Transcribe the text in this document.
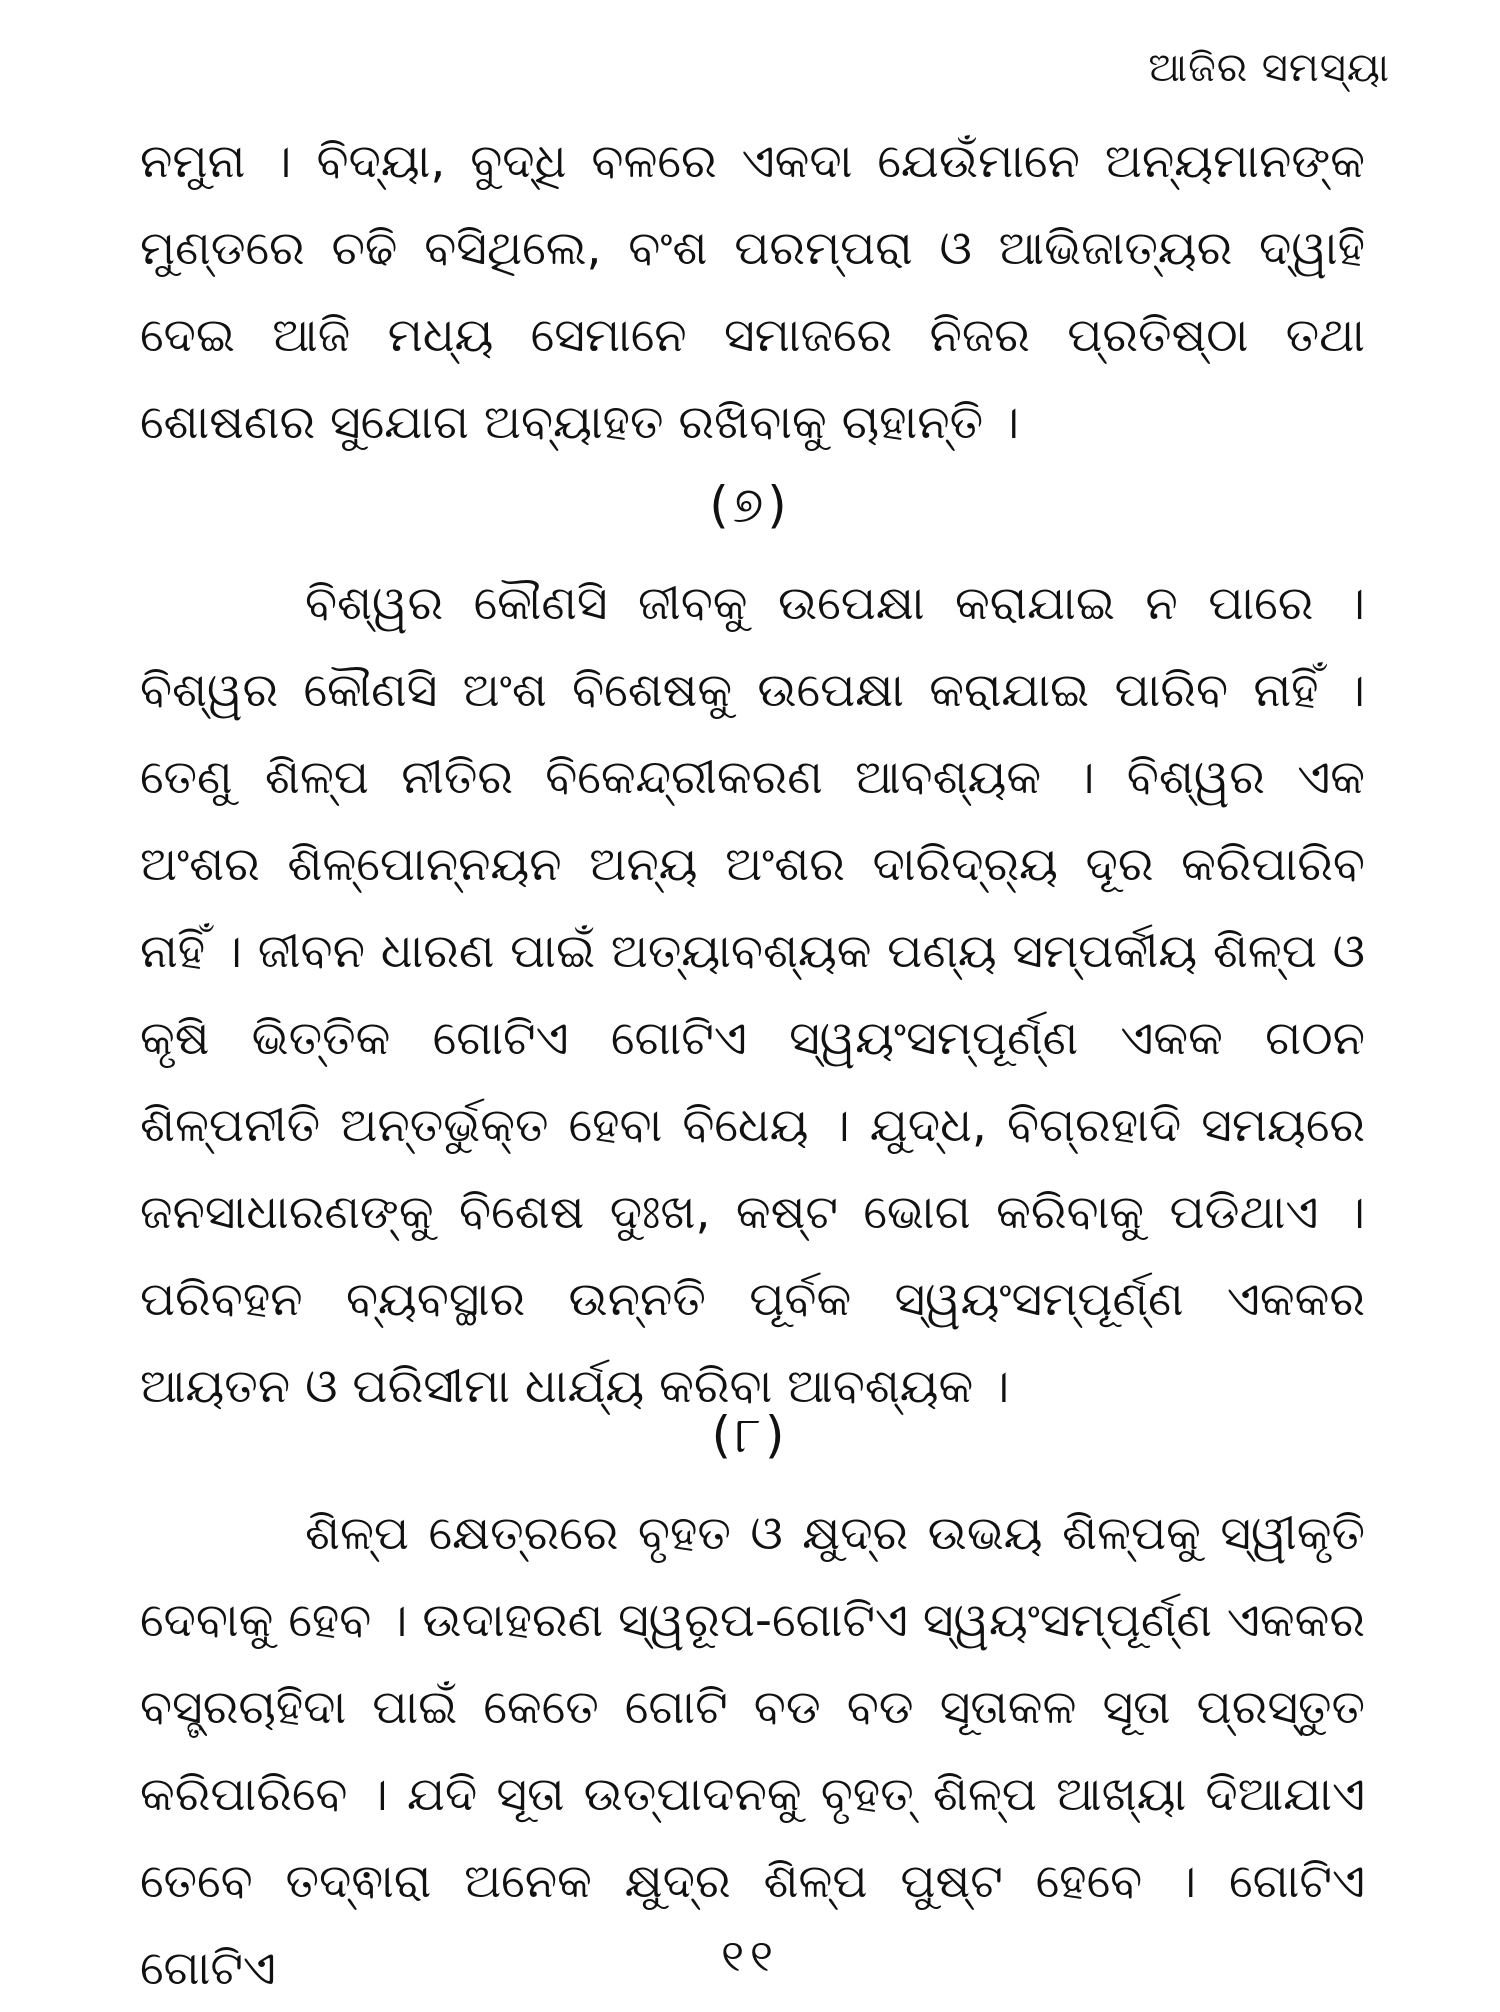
ଆଜିର ସମସ୍ୟା

ନମୁନା । ବିଦ୍ୟା, ବୁଦ୍ଧି ବଳରେ ଏକଦା ଯେଉଁମାନେ ଅନ୍ୟମାନଙ୍କ ମୁଣ୍ଡରେ ଚଢି ବସିଥିଲେ, ବଂଶ ପରମ୍ପରା ଓ ଆଭିଜାତ୍ୟର ଦ୍ୱାହି ଦେଇ ଆଜି ମଧ୍ୟ ସେମାନେ ସମାଜରେ ନିଜର ପ୍ରତିଷ୍ଠା ତଥା ଶୋଷଣର ସୁଯୋଗ ଅବ୍ୟାହତ ରଖିବାକୁ ଚାହାନ୍ତି ।

(୭)

ବିଶ୍ୱର କୌଣସି ଜୀବକୁ ଉପେକ୍ଷା କରାଯାଇ ନ ପାରେ । ବିଶ୍ୱର କୌଣସି ଅଂଶ ବିଶେଷକୁ ଉପେକ୍ଷା କରାଯାଇ ପାରିବ ନାହିଁ । ତେଣୁ ଶିଳ୍ପ ନୀତିର ବିକେନ୍ଦ୍ରୀକରଣ ଆବଶ୍ୟକ । ବିଶ୍ୱର ଏକ ଅଂଶର ଶିଳ୍ପୋନ୍ନୟନ ଅନ୍ୟ ଅଂଶର ଦାରିଦ୍ର୍ୟ ଦୂର କରିପାରିବ ନାହିଁ । ଜୀବନ ଧାରଣ ପାଇଁ ଅତ୍ୟାବଶ୍ୟକ ପଣ୍ୟ ସମ୍ପର୍କୀୟ ଶିଳ୍ପ ଓ କୃଷି ଭିତ୍ତିକ ଗୋଟିଏ ଗୋଟିଏ ସ୍ୱୟଂସମ୍ପୂର୍ଣ୍ଣ ଏକକ ଗଠନ ଶିଳ୍ପନୀତି ଅନ୍ତର୍ଭୁକ୍ତ ହେବା ବିଧେୟ । ଯୁଦ୍ଧ, ବିଗ୍ରହାଦି ସମୟରେ ଜନସାଧାରଣଙ୍କୁ ବିଶେଷ ଦୁଃଖ, କଷ୍ଟ ଭୋଗ କରିବାକୁ ପଡିଥାଏ । ପରିବହନ ବ୍ୟବସ୍ଥାର ଉନ୍ନତି ପୂର୍ବକ ସ୍ୱୟଂସମ୍ପୂର୍ଣ୍ଣ ଏକକର ଆୟତନ ଓ ପରିସୀମା ଧାର୍ଯ୍ୟ କରିବା ଆବଶ୍ୟକ ।

(୮)

ଶିଳ୍ପ କ୍ଷେତ୍ରରେ ବୃହତ ଓ କ୍ଷୁଦ୍ର ଉଭୟ ଶିଳ୍ପକୁ ସ୍ୱୀକୃତି ଦେବାକୁ ହେବ । ଉଦାହରଣ ସ୍ୱରୂପ-ଗୋଟିଏ ସ୍ୱୟଂସମ୍ପୂର୍ଣ୍ଣ ଏକକର ବସ୍ତ୍ରଚାହିଦା ପାଇଁ କେତେ ଗୋଟି ବଡ ବଡ ସୂତାକଳ ସୂତା ପ୍ରସ୍ତୁତ କରିପାରିବେ । ଯଦି ସୂତା ଉତ୍ପାଦନକୁ ବୃହତ୍ ଶିଳ୍ପ ଆଖ୍ୟା ଦିଆଯାଏ ତେବେ ତଦ୍ଵାରା ଅନେକ କ୍ଷୁଦ୍ର ଶିଳ୍ପ ପୁଷ୍ଟ ହେବେ । ଗୋଟିଏ ଗୋଟିଏ	୧୧
